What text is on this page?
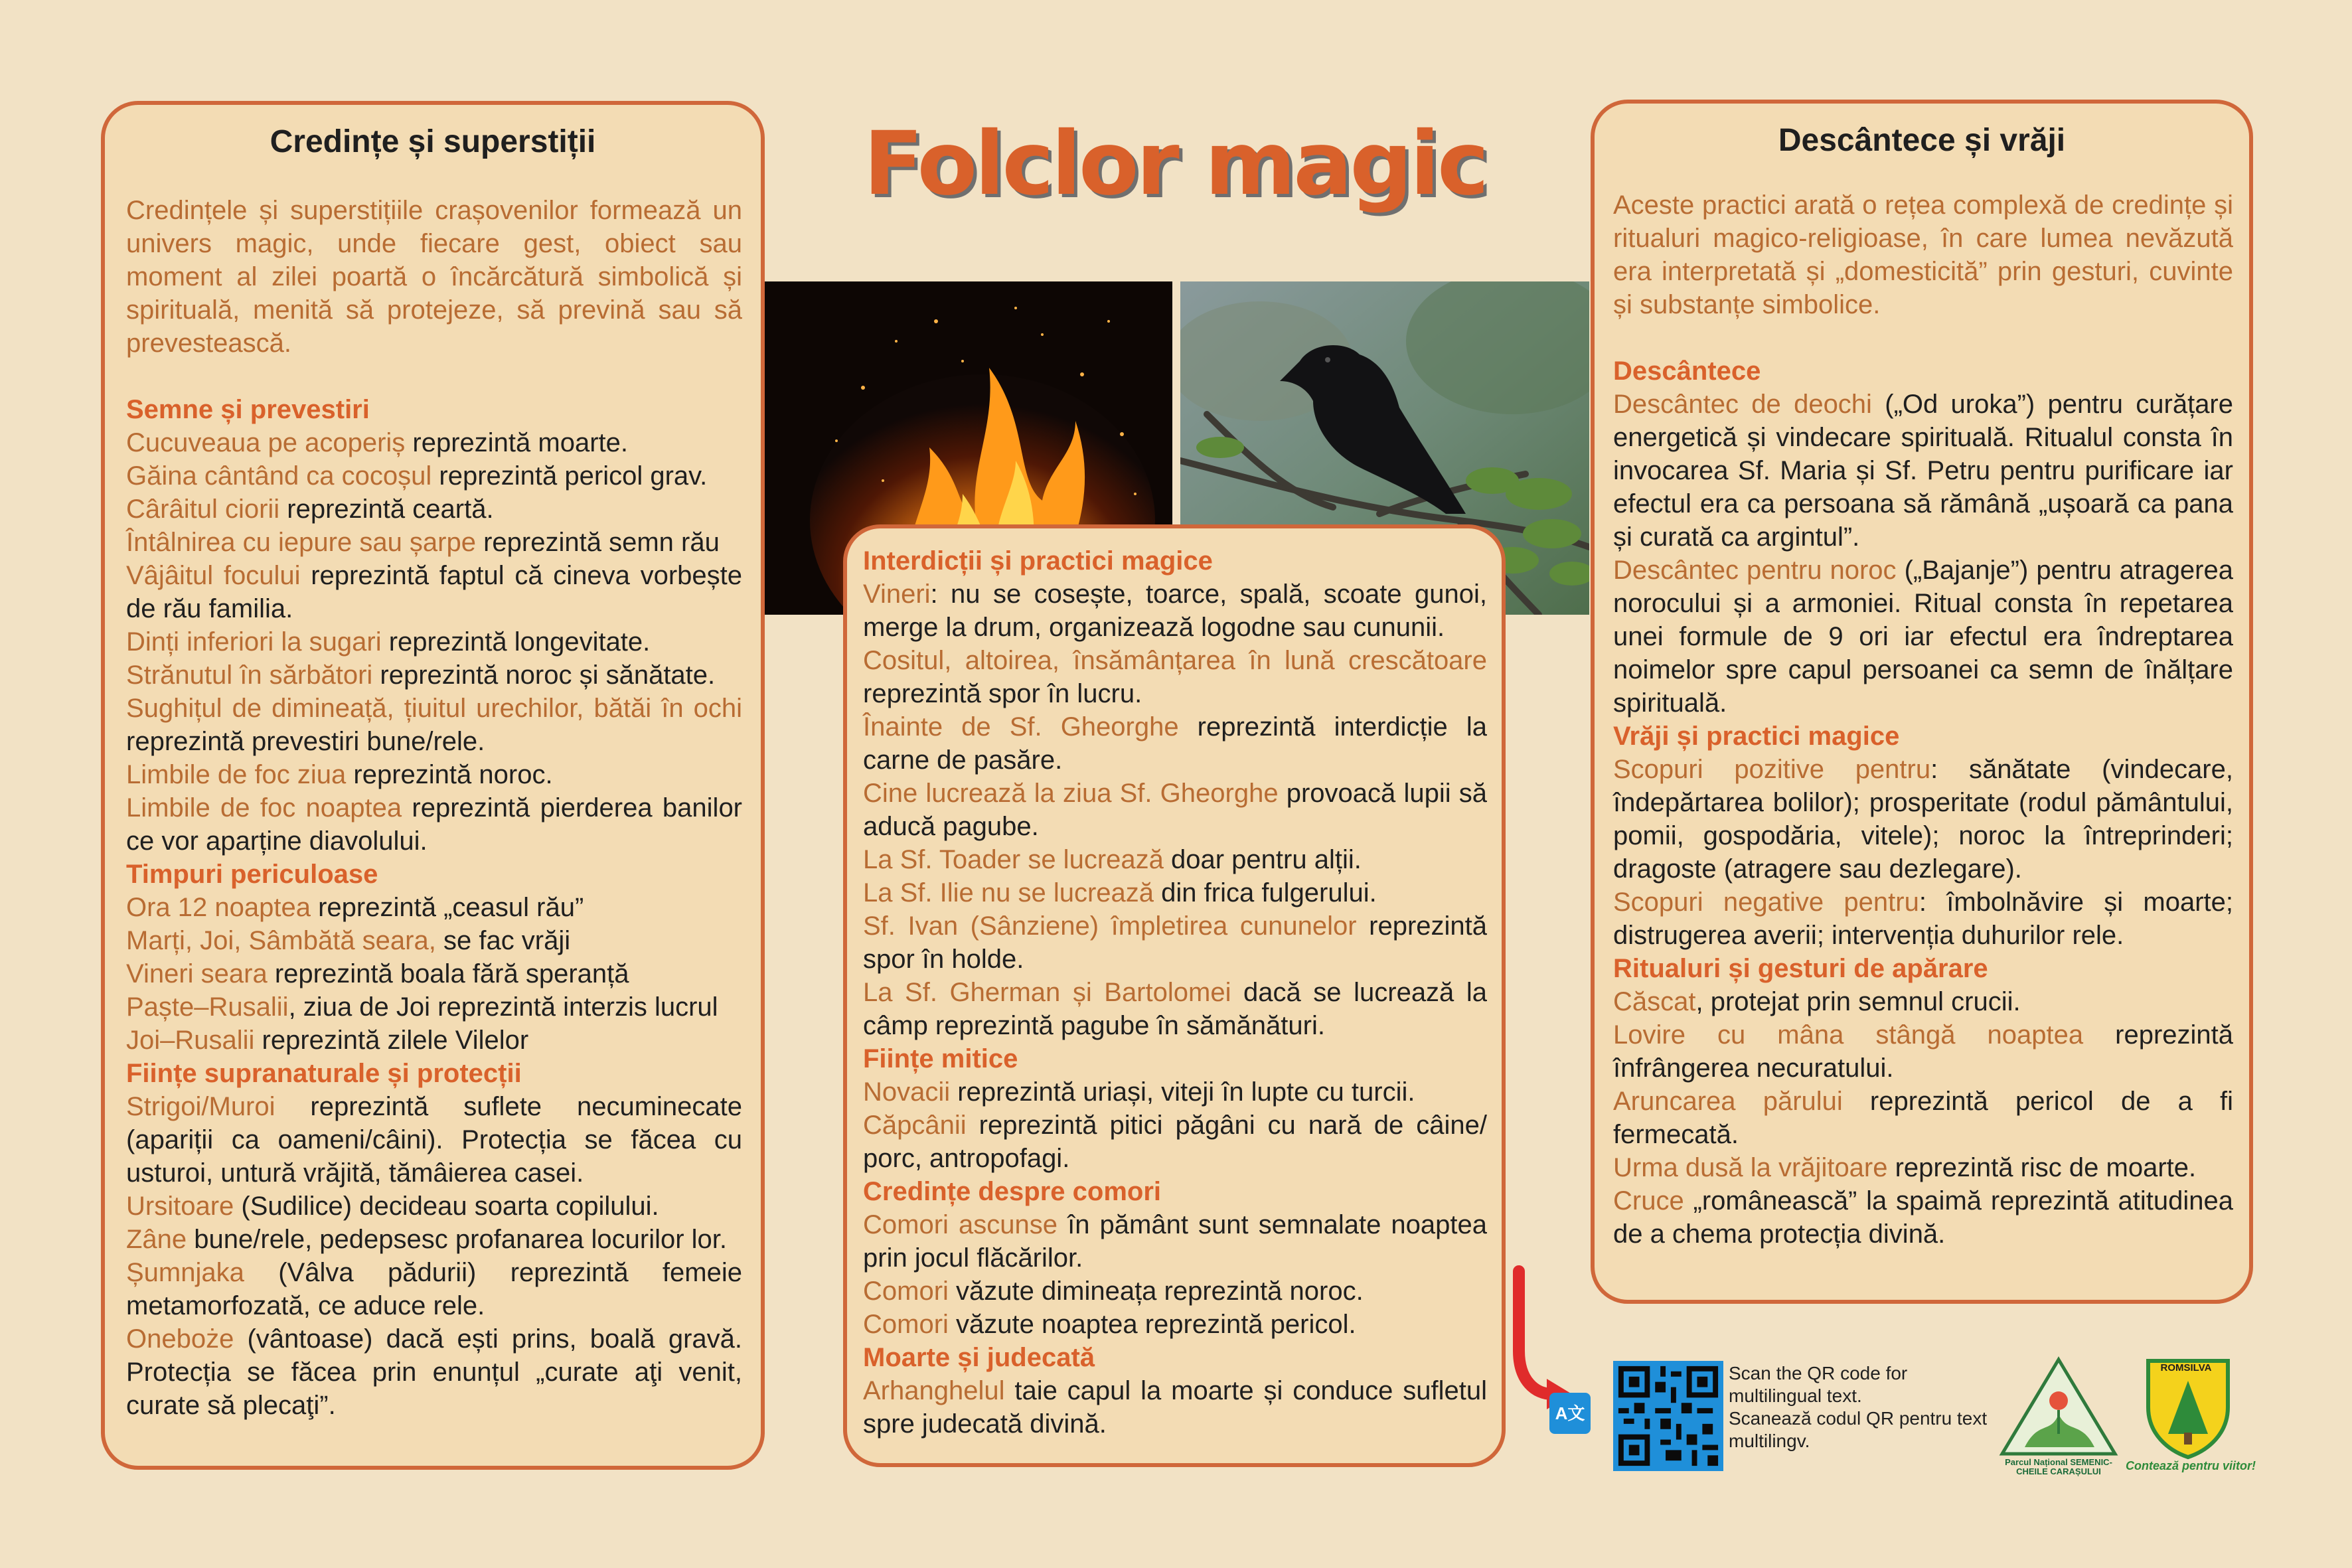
Folclor magic
Credințe și superstiții

Credințele și superstițiile crașovenilor formează un univers magic, unde fiecare gest, obiect sau moment al zilei poartă o încărcătură simbolică și spirituală, menită să protejeze, să prevină sau să prevestească.

Semne și prevestiri

Cucuveaua pe acoperiș reprezintă moarte.

Găina cântând ca cocoșul reprezintă pericol grav.

Cârâitul ciorii reprezintă ceartă.

Întâlnirea cu iepure sau șarpe reprezintă semn rău

Vâjâitul focului reprezintă faptul că cineva vorbește de rău familia.

Dinți inferiori la sugari reprezintă longevitate.

Strănutul în sărbători reprezintă noroc și sănătate.

Sughițul de dimineață, țiuitul urechilor, bătăi în ochi reprezintă prevestiri bune/rele.

Limbile de foc ziua reprezintă noroc.

Limbile de foc noaptea reprezintă pierderea banilor ce vor aparține diavolului.

Timpuri periculoase

Ora 12 noaptea reprezintă „ceasul rău”

Marți, Joi, Sâmbătă seara, se fac vrăji

Vineri seara reprezintă boala fără speranță

Paște–Rusalii, ziua de Joi reprezintă interzis lucrul

Joi–Rusalii reprezintă zilele Vilelor

Ființe supranaturale și protecții

Strigoi/Muroi reprezintă suflete necuminecate (apariții ca oameni/câini). Protecția se făcea cu usturoi, untură vrăjită, tămâierea casei.

Ursitoare (Sudilice) decideau soarta copilului.

Zâne bune/rele, pedepsesc profanarea locurilor lor.

Șumnjaka (Vâlva pădurii) reprezintă femeie metamorfozată, ce aduce rele.

Oneboże (vântoase) dacă ești prins, boală gravă. Protecția se făcea prin enunțul „curate aţi venit, curate să plecaţi”.

Interdicții și practici magice

Vineri: nu se cosește, toarce, spală, scoate gunoi, merge la drum, organizează logodne sau cununii.

Cositul, altoirea, însămânțarea în lună crescătoare reprezintă spor în lucru.

Înainte de Sf. Gheorghe reprezintă interdicție la carne de pasăre.

Cine lucrează la ziua Sf. Gheorghe provoacă lupii să aducă pagube.

La Sf. Toader se lucrează doar pentru alții.

La Sf. Ilie nu se lucrează din frica fulgerului.

Sf. Ivan (Sânziene) împletirea cununelor reprezintă spor în holde.

La Sf. Gherman și Bartolomei dacă se lucrează la câmp reprezintă pagube în sămănături.

Ființe mitice

Novacii reprezintă uriași, viteji în lupte cu turcii.

Căpcânii reprezintă pitici păgâni cu nară de câine/ porc, antropofagi.

Credințe despre comori

Comori ascunse în pământ sunt semnalate noaptea prin jocul flăcărilor.

Comori văzute dimineața reprezintă noroc.

Comori văzute noaptea reprezintă pericol.

Moarte și judecată

Arhanghelul taie capul la moarte și conduce sufletul spre judecată divină.

Descântece și vrăji

Aceste practici arată o rețea complexă de credințe și ritualuri magico-religioase, în care lumea nevăzută era interpretată și „domesticită” prin gesturi, cuvinte și substanțe simbolice.

Descântece

Descântec de deochi („Od uroka”) pentru curățare energetică și vindecare spirituală. Ritualul consta în invocarea Sf. Maria și Sf. Petru pentru purificare iar efectul era ca persoana să rămână „ușoară ca pana și curată ca argintul”.

Descântec pentru noroc („Bajanje”) pentru atragerea norocului și a armoniei. Ritual consta în repetarea unei formule de 9 ori iar efectul era îndreptarea noimelor spre capul persoanei ca semn de înălțare spirituală.

Vrăji și practici magice

Scopuri pozitive pentru: sănătate (vindecare, îndepărtarea bolilor); prosperitate (rodul pământului, pomii, gospodăria, vitele); noroc la întreprinderi; dragoste (atragere sau dezlegare).

Scopuri negative pentru: îmbolnăvire și moarte; distrugerea averii; intervenția duhurilor rele.

Ritualuri și gesturi de apărare

Căscat, protejat prin semnul crucii.

Lovire cu mâna stângă noaptea reprezintă înfrângerea necuratului.

Aruncarea părului reprezintă pericol de a fi fermecată.

Urma dusă la vrăjitoare reprezintă risc de moarte.

Cruce „românească” la spaimă reprezintă atitudinea de a chema protecția divină.

A文

Scan the QR code for multilingual text.

Scanează codul QR pentru text multilingv.

Parcul Național SEMENIC-CHEILE CARAȘULUI
ROMSILVA
Contează pentru viitor!
